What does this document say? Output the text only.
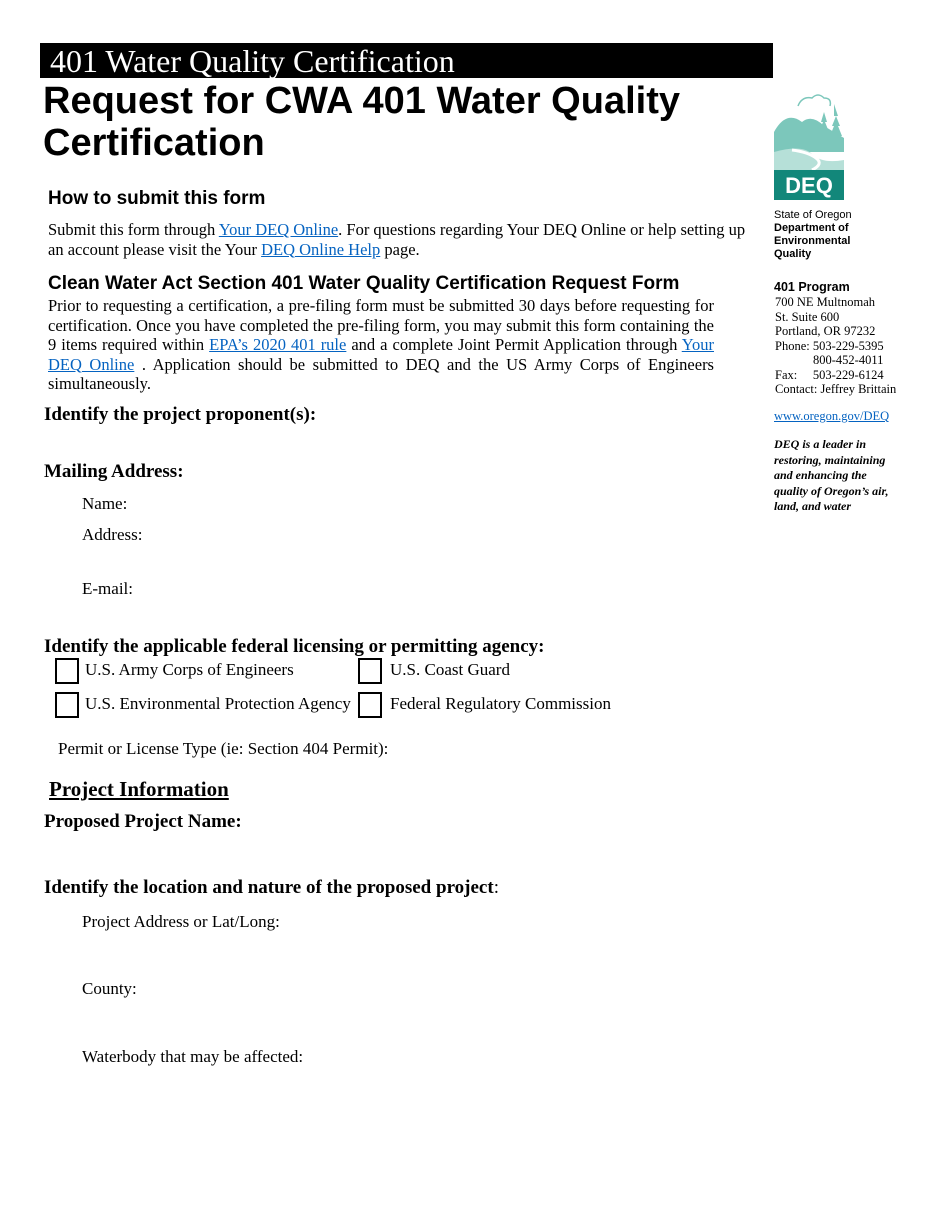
401 Water Quality Certification
Request for CWA 401 Water Quality Certification
How to submit this form
Submit this form through Your DEQ Online. For questions regarding Your DEQ Online or help setting up an account please visit the Your DEQ Online Help page.
Clean Water Act Section 401 Water Quality Certification Request Form
Prior to requesting a certification, a pre-filing form must be submitted 30 days before requesting for certification. Once you have completed the pre-filing form, you may submit this form containing the 9 items required within EPA’s 2020 401 rule and a complete Joint Permit Application through Your DEQ Online . Application should be submitted to DEQ and the US Army Corps of Engineers simultaneously.
Identify the project proponent(s):
Mailing Address:
Name:
Address:
E-mail:
Identify the applicable federal licensing or permitting agency:
U.S. Army Corps of Engineers	U.S. Coast Guard
U.S. Environmental Protection Agency Federal Regulatory Commission
Permit or License Type (ie: Section 404 Permit):
Project Information
Proposed Project Name:
Identify the location and nature of the proposed project:
Project Address or Lat/Long:
County:
Waterbody that may be affected:
DEQ
State of Oregon
Department of
Environmental
Quality
401 Program
700 NE Multnomah
St. Suite 600
Portland, OR 97232
Phone: 503-229-5395
800-452-4011
Fax:     503-229-6124
Contact: Jeffrey Brittain
www.oregon.gov/DEQ
DEQ is a leader in restoring, maintaining and enhancing the quality of Oregon’s air, land, and water
